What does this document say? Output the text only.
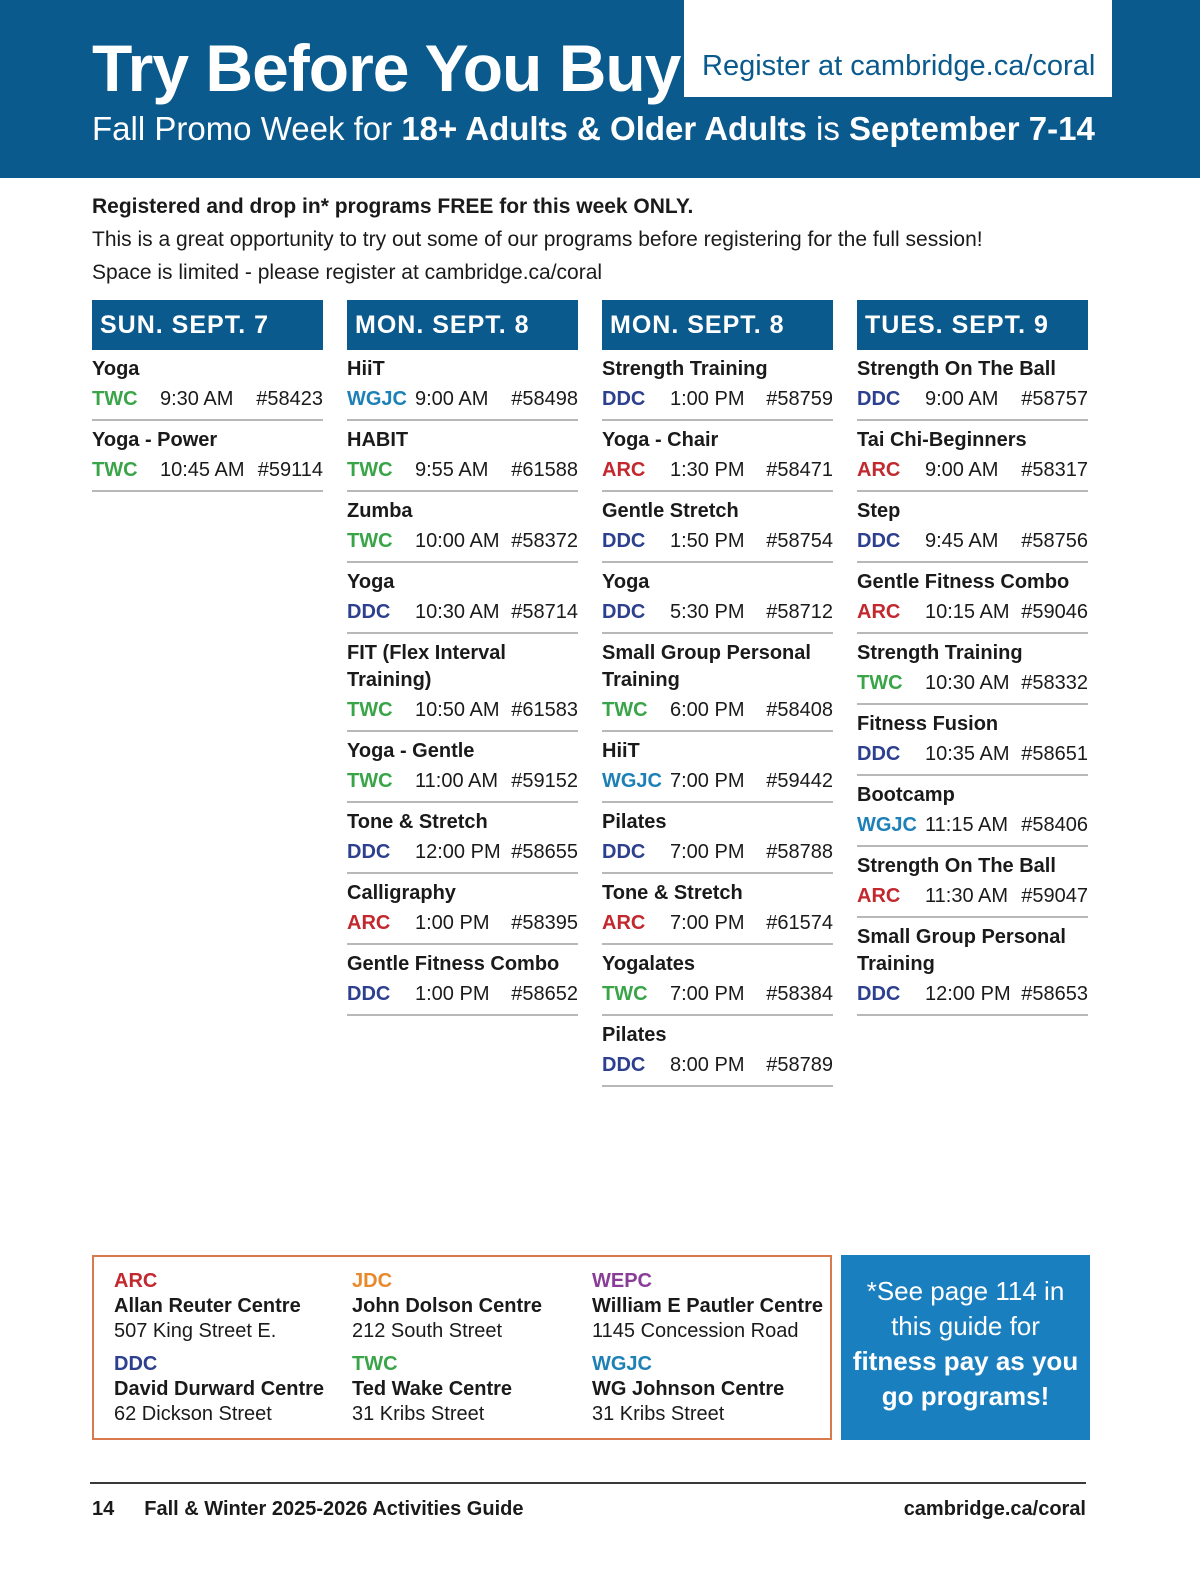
Try Before You Buy
Fall Promo Week for 18+ Adults & Older Adults is September 7-14
Register at cambridge.ca/coral
Registered and drop in* programs FREE for this week ONLY.
This is a great opportunity to try out some of our programs before registering for the full session!
Space is limited - please register at cambridge.ca/coral
SUN. SEPT. 7
Yoga
TWC	9:30 AM	#58423
Yoga - Power
TWC	10:45 AM #59114
MON. SEPT. 8
HiiT
WGJC 9:00 AM	#58498
HABIT
TWC	9:55 AM	#61588
Zumba
TWC	10:00 AM #58372
Yoga
DDC	10:30 AM #58714
FIT (Flex Interval Training)
TWC	10:50 AM #61583
Yoga - Gentle
TWC	11:00 AM #59152
Tone & Stretch
DDC	12:00 PM #58655
Calligraphy
ARC	1:00 PM	#58395
Gentle Fitness Combo
DDC	1:00 PM	#58652
MON. SEPT. 8
Strength Training
DDC	1:00 PM	#58759
Yoga - Chair
ARC	1:30 PM	#58471
Gentle Stretch
DDC	1:50 PM	#58754
Yoga
DDC	5:30 PM	#58712
Small Group Personal Training
TWC	6:00 PM	#58408
HiiT
WGJC 7:00 PM	#59442
Pilates
DDC	7:00 PM	#58788
Tone & Stretch
ARC	7:00 PM	#61574
Yogalates
TWC	7:00 PM	#58384
Pilates
DDC	8:00 PM	#58789
TUES. SEPT. 9
Strength On The Ball
DDC	9:00 AM	#58757
Tai Chi-Beginners
ARC	9:00 AM	#58317
Step
DDC	9:45 AM	#58756
Gentle Fitness Combo
ARC	10:15 AM #59046
Strength Training
TWC	10:30 AM #58332
Fitness Fusion
DDC	10:35 AM #58651
Bootcamp
WGJC 11:15 AM #58406
Strength On The Ball
ARC	11:30 AM #59047
Small Group Personal Training
DDC	12:00 PM #58653
ARC
Allan Reuter Centre
507 King Street E.
JDC
John Dolson Centre
212 South Street
WEPC
William E Pautler Centre
1145 Concession Road
DDC
David Durward Centre
62 Dickson Street
TWC
Ted Wake Centre
31 Kribs Street
WGJC
WG Johnson Centre
31 Kribs Street
*See page 114 in
this guide for
fitness pay as you
go programs!
14 Fall & Winter 2025-2026 Activities Guide	cambridge.ca/coral
